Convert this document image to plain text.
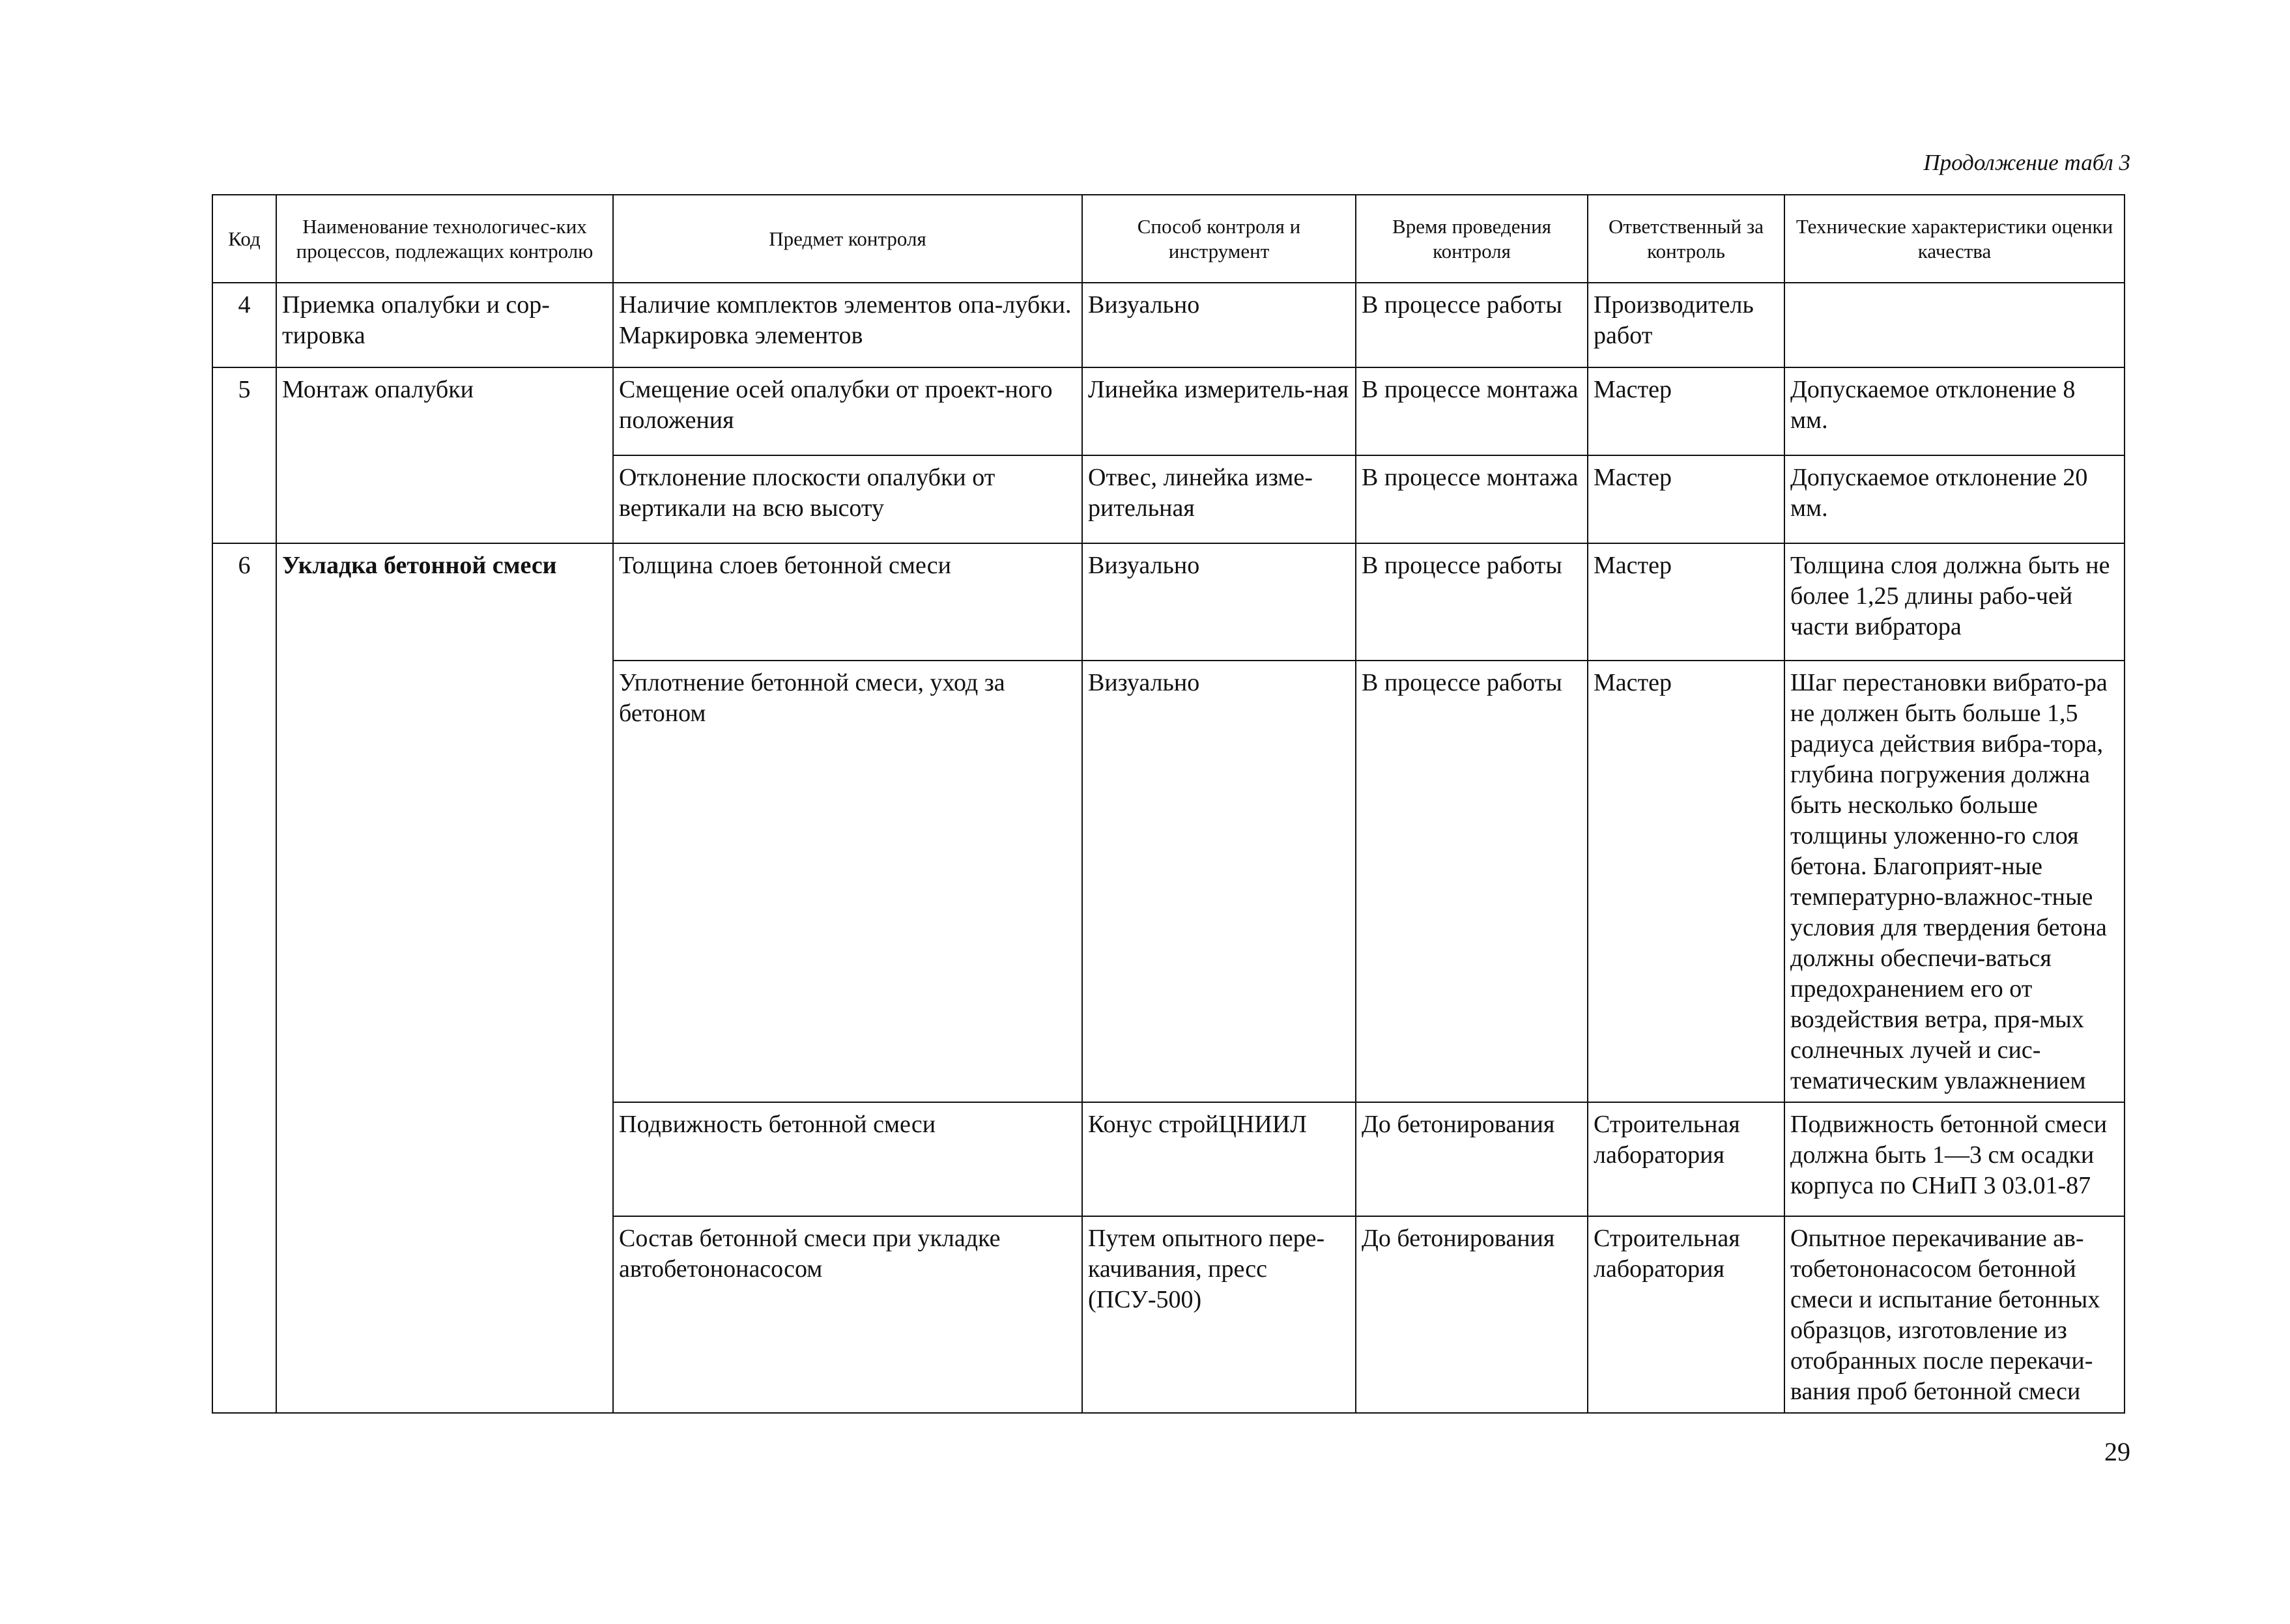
Продолжение табл 3
Код	Наименование технологичес-ких процессов, подлежащих контролю	Предмет контроля	Способ контроля и инструмент	Время проведения контроля	Ответственный за контроль	Технические характеристики оценки качества
4	Приемка опалубки и сор-тировка	Наличие комплектов элементов опа-лубки. Маркировка элементов	Визуально	В процессе работы	Производитель работ	
5	Монтаж опалубки	Смещение осей опалубки от проект-ного положения	Линейка измеритель-ная	В процессе монтажа	Мастер	Допускаемое отклонение 8 мм.
		Отклонение плоскости опалубки от вертикали на всю высоту	Отвес, линейка изме-рительная	В процессе монтажа	Мастер	Допускаемое отклонение 20 мм.
6	Укладка бетонной смеси	Толщина слоев бетонной смеси	Визуально	В процессе работы	Мастер	Толщина слоя должна быть не более 1,25 длины рабо-чей части вибратора
		Уплотнение бетонной смеси, уход за бетоном	Визуально	В процессе работы	Мастер	Шаг перестановки вибрато-ра не должен быть больше 1,5 радиуса действия вибра-тора, глубина погружения должна быть несколько больше толщины уложенно-го слоя бетона. Благоприят-ные температурно-влажнос-тные условия для твердения бетона должны обеспечи-ваться предохранением его от воздействия ветра, пря-мых солнечных лучей и сис-тематическим увлажнением
		Подвижность бетонной смеси	Конус стройЦНИИЛ	До бетонирования	Строительная лаборатория	Подвижность бетонной смеси должна быть 1—3 см осадки корпуса по СНиП 3 03.01-87
		Состав бетонной смеси при укладке автобетононасосом	Путем опытного пере-качивания, пресс (ПСУ-500)	До бетонирования	Строительная лаборатория	Опытное перекачивание ав-тобетононасосом бетонной смеси и испытание бетонных образцов, изготовление из отобранных после перекачи-вания проб бетонной смеси
29
